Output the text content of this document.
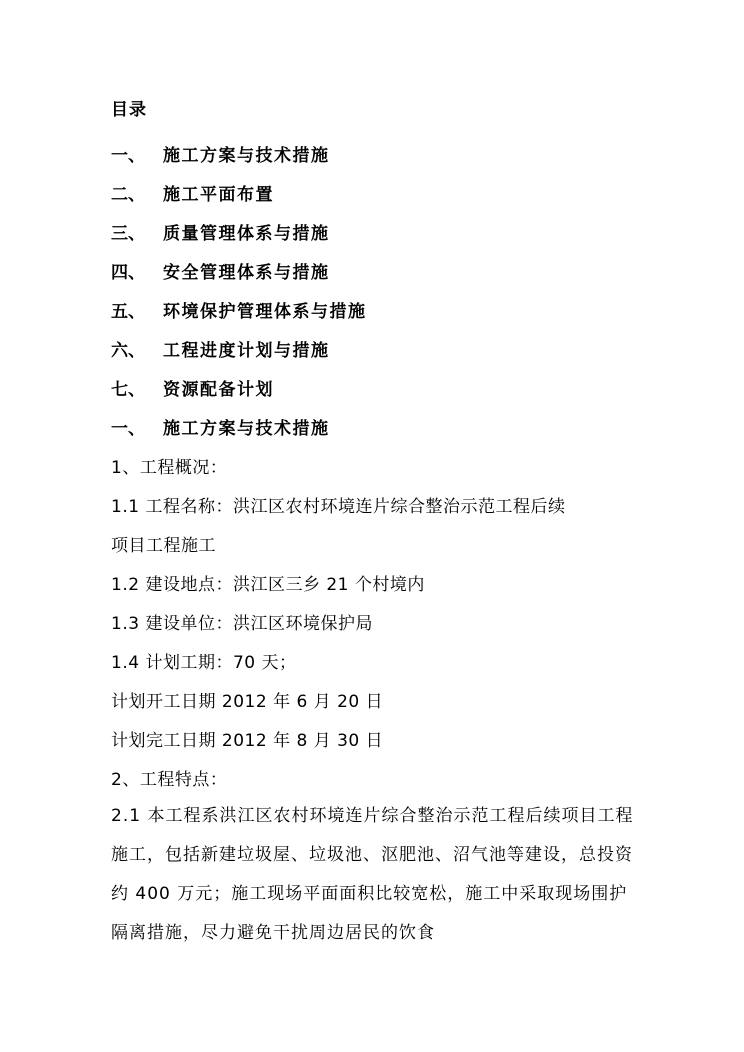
目录
一、	施工方案与技术措施
二、	施工平面布置
三、	质量管理体系与措施
四、	安全管理体系与措施
五、	环境保护管理体系与措施
六、	工程进度计划与措施
七、	资源配备计划
一、	施工方案与技术措施
1、工程概况：
1.1 工程名称：洪江区农村环境连片综合整治示范工程后续
项目工程施工
1.2 建设地点：洪江区三乡 21 个村境内
1.3 建设单位：洪江区环境保护局
1.4 计划工期：70 天；
计划开工日期 2012 年 6 月 20 日
计划完工日期 2012 年 8 月 30 日
2、工程特点：

2.1 本工程系洪江区农村环境连片综合整治示范工程后续项目工程施工，包括新建垃圾屋、垃圾池、沤肥池、沼气池等建设，总投资约 400 万元；施工现场平面面积比较宽松，施工中采取现场围护隔离措施，尽力避免干扰周边居民的饮食
